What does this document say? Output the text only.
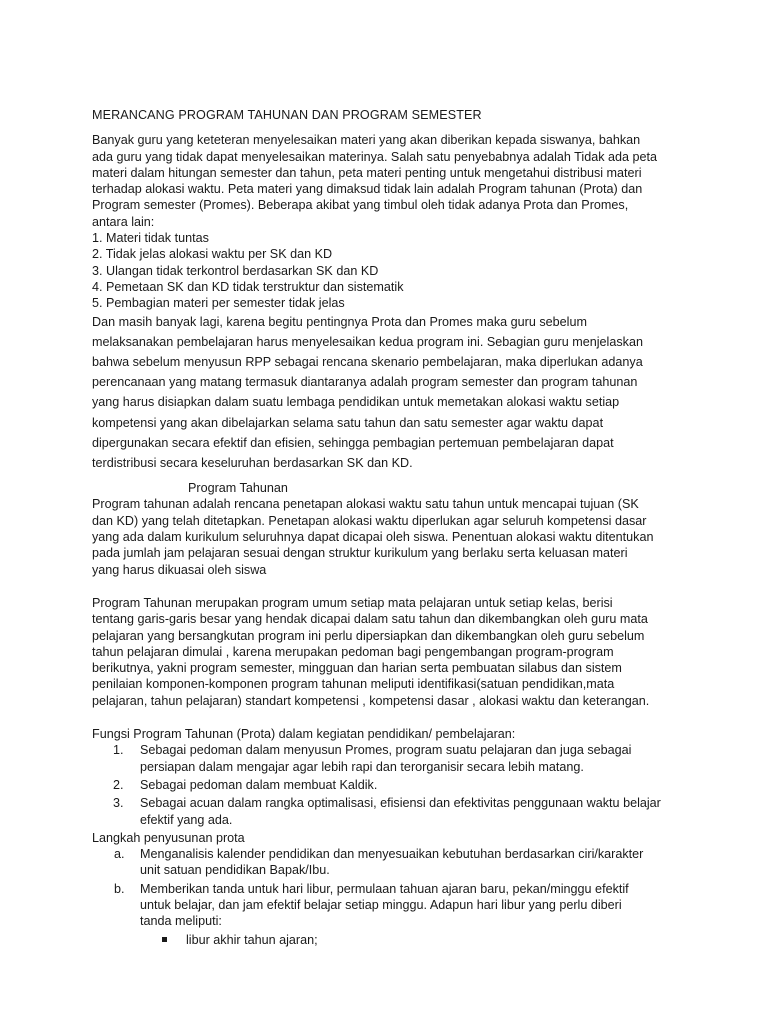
MERANCANG PROGRAM TAHUNAN DAN PROGRAM SEMESTER
Banyak guru yang keteteran menyelesaikan materi yang akan diberikan kepada siswanya, bahkan
ada guru yang tidak dapat menyelesaikan materinya. Salah satu penyebabnya adalah Tidak ada peta
materi dalam hitungan semester dan tahun, peta materi penting untuk mengetahui distribusi materi
terhadap alokasi waktu. Peta materi yang dimaksud tidak lain adalah Program tahunan (Prota) dan
Program semester (Promes). Beberapa akibat yang timbul oleh tidak adanya Prota dan Promes,
antara lain:
1. Materi tidak tuntas
2. Tidak jelas alokasi waktu per SK dan KD
3. Ulangan tidak terkontrol berdasarkan SK dan KD
4. Pemetaan SK dan KD tidak terstruktur dan sistematik
5. Pembagian materi per semester tidak jelas
Dan masih banyak lagi, karena begitu pentingnya Prota dan Promes maka guru sebelum
melaksanakan pembelajaran harus menyelesaikan kedua program ini. Sebagian guru menjelaskan
bahwa sebelum menyusun RPP sebagai rencana skenario pembelajaran, maka diperlukan adanya
perencanaan yang matang termasuk diantaranya adalah program semester dan program tahunan
yang harus disiapkan dalam suatu lembaga pendidikan untuk memetakan alokasi waktu setiap
kompetensi yang akan dibelajarkan selama satu tahun dan satu semester agar waktu dapat
dipergunakan secara efektif dan efisien, sehingga pembagian pertemuan pembelajaran dapat
terdistribusi secara keseluruhan berdasarkan SK dan KD.
Program Tahunan
Program tahunan adalah rencana penetapan alokasi waktu satu tahun untuk mencapai tujuan (SK
dan KD) yang telah ditetapkan. Penetapan alokasi waktu diperlukan agar seluruh kompetensi dasar
yang ada dalam kurikulum seluruhnya dapat dicapai oleh siswa. Penentuan alokasi waktu ditentukan
pada jumlah jam pelajaran sesuai dengan struktur kurikulum yang berlaku serta keluasan materi
yang harus dikuasai oleh siswa
Program Tahunan merupakan program umum setiap mata pelajaran untuk setiap kelas, berisi
tentang garis-garis besar yang hendak dicapai dalam satu tahun dan dikembangkan oleh guru mata
pelajaran yang bersangkutan program ini perlu dipersiapkan dan dikembangkan oleh guru sebelum
tahun pelajaran dimulai , karena merupakan pedoman bagi pengembangan program-program
berikutnya, yakni program semester, mingguan dan harian serta pembuatan silabus dan sistem
penilaian komponen-komponen program tahunan meliputi identifikasi(satuan pendidikan,mata
pelajaran, tahun pelajaran) standart kompetensi , kompetensi dasar , alokasi waktu dan keterangan.
Fungsi Program Tahunan (Prota) dalam kegiatan pendidikan/ pembelajaran:
1. Sebagai pedoman dalam menyusun Promes, program suatu pelajaran dan juga sebagai
persiapan dalam mengajar agar lebih rapi dan terorganisir secara lebih matang.
2. Sebagai pedoman dalam membuat Kaldik.
3. Sebagai acuan dalam rangka optimalisasi, efisiensi dan efektivitas penggunaan waktu belajar
efektif yang ada.
Langkah penyusunan prota
a. Menganalisis kalender pendidikan dan menyesuaikan kebutuhan berdasarkan ciri/karakter
unit satuan pendidikan Bapak/Ibu.
b. Memberikan tanda untuk hari libur, permulaan tahuan ajaran baru, pekan/minggu efektif
untuk belajar, dan jam efektif belajar setiap minggu. Adapun hari libur yang perlu diberi
tanda meliputi:
libur akhir tahun ajaran;
